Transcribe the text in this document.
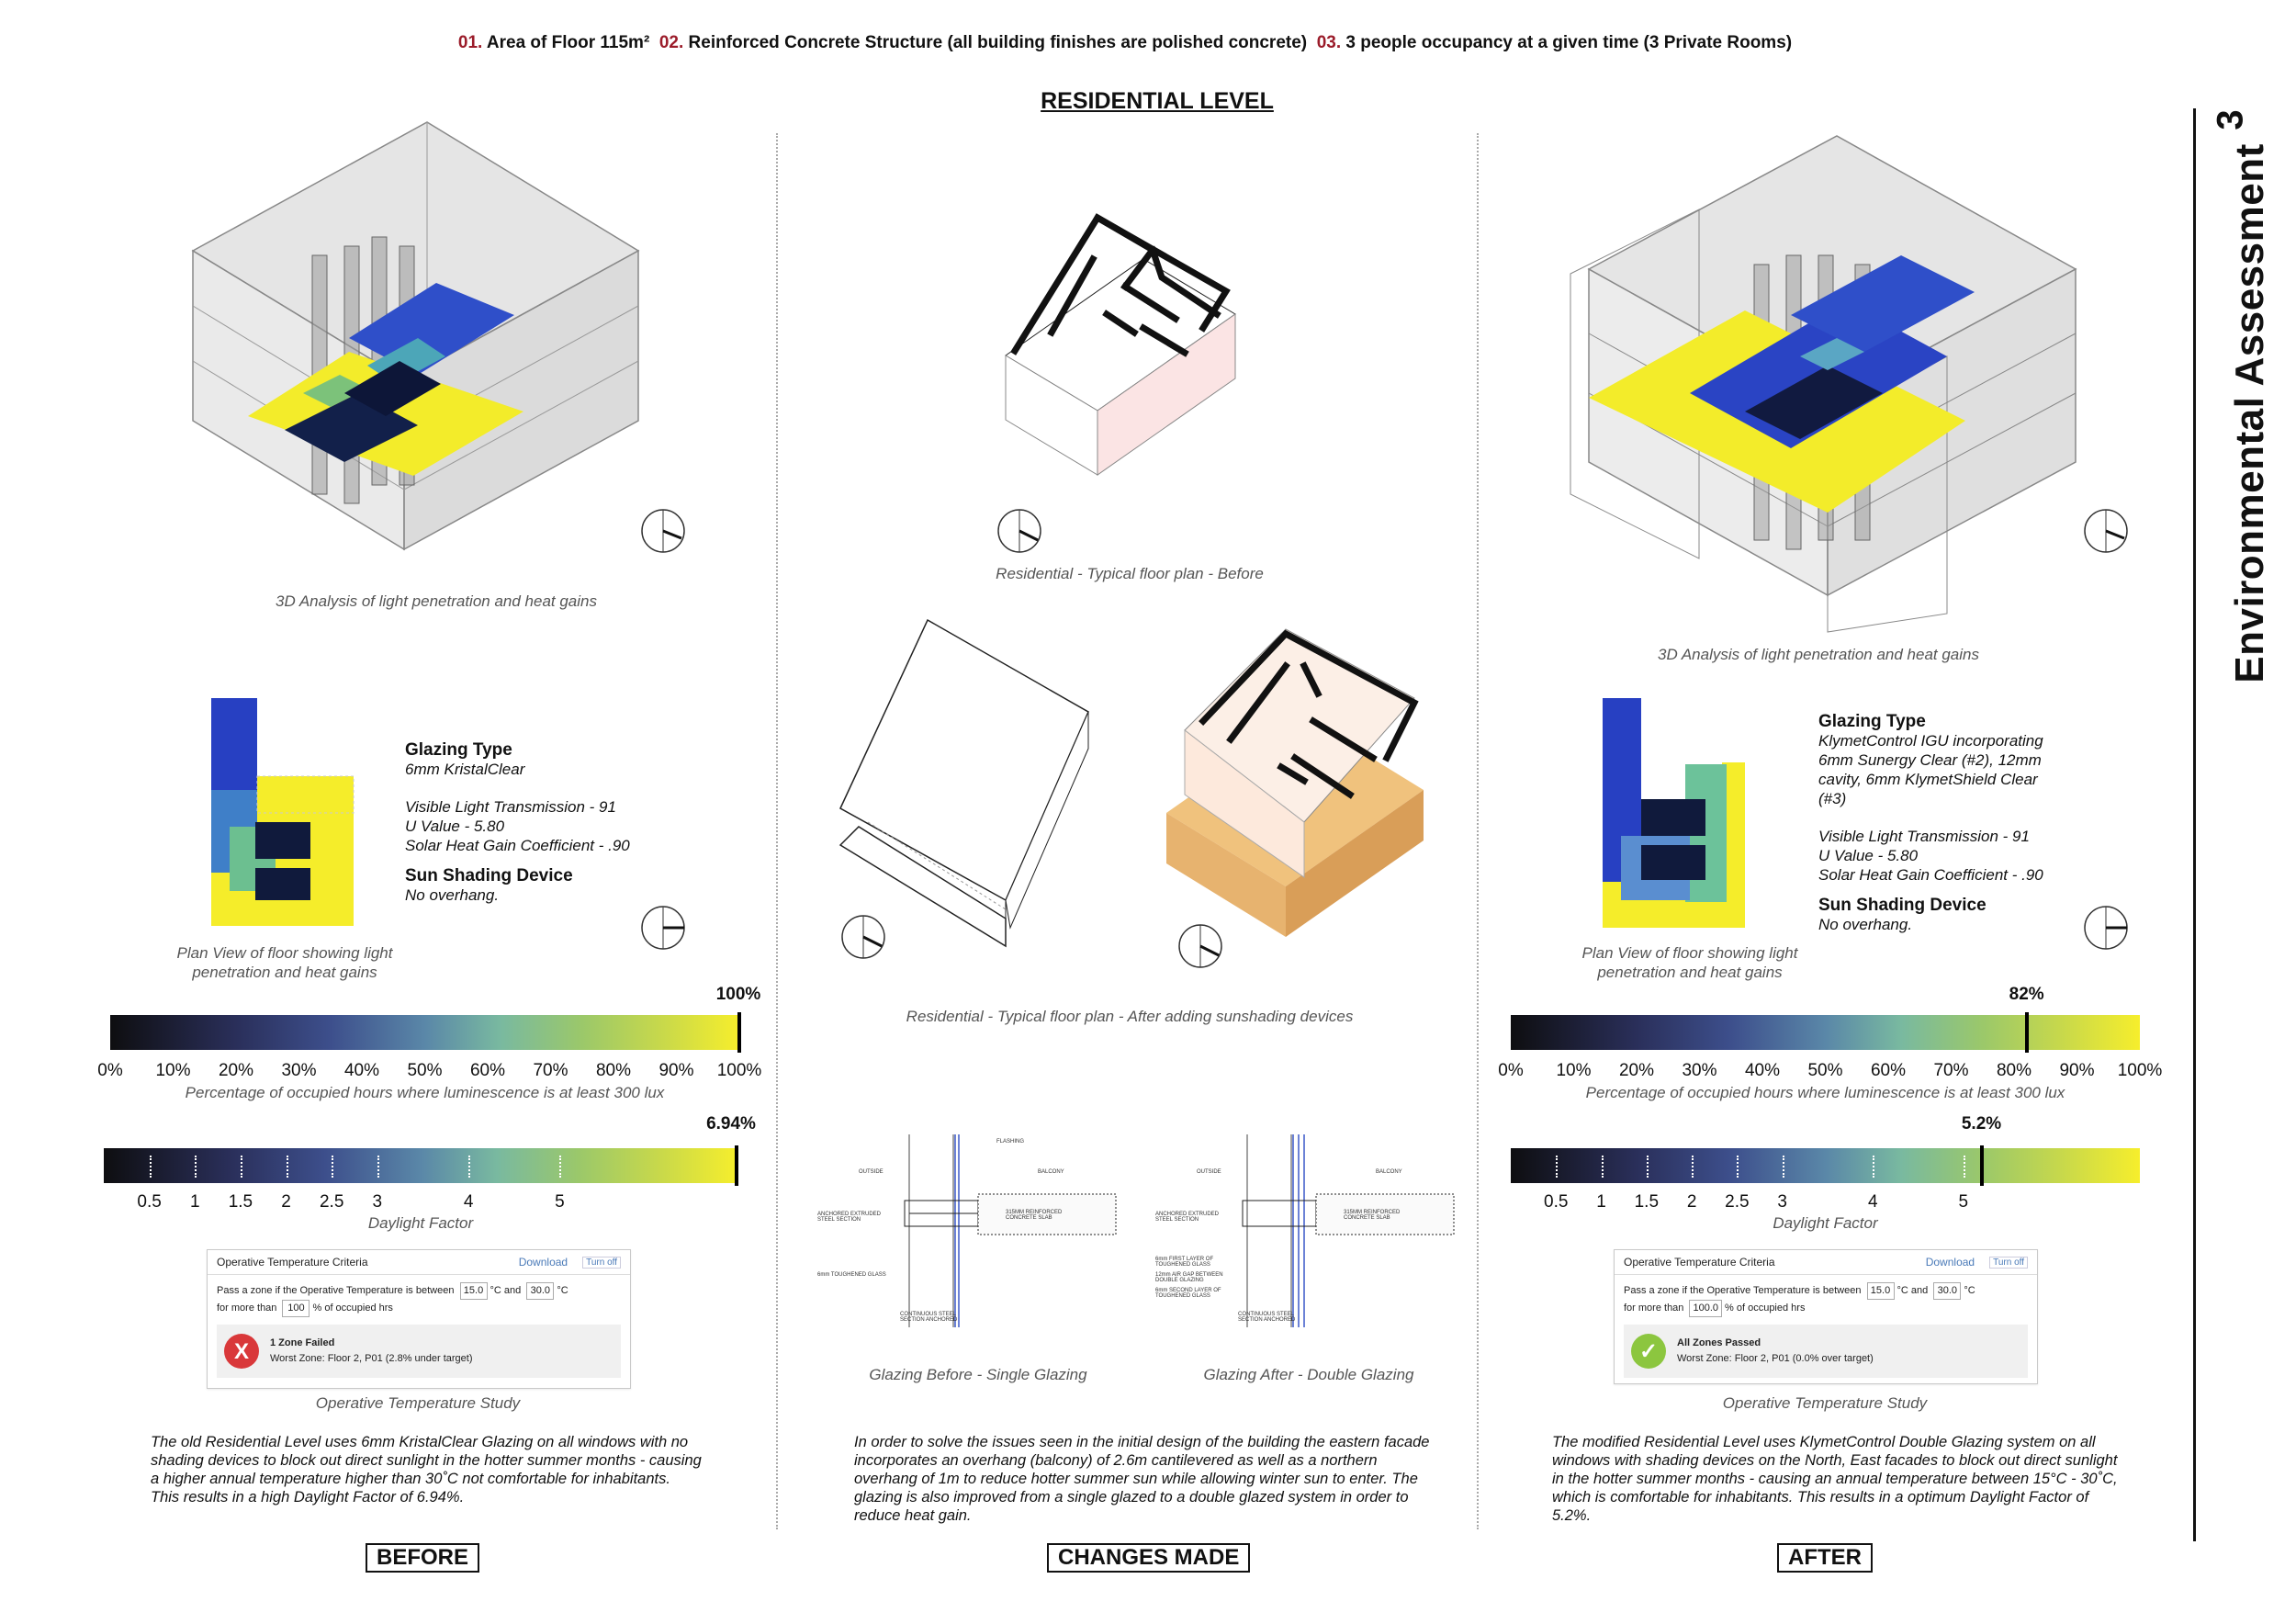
01. Area of Floor 115m² 02. Reinforced Concrete Structure (all building finishes are polished concrete) 03. 3 people occupancy at a given time (3 Private Rooms)
RESIDENTIAL LEVEL
Environmental Assessment
3
3D Analysis of light penetration and heat gains
Glazing Type
6mm KristalClear
Visible Light Transmission - 91
U Value - 5.80
Solar Heat Gain Coefficient - .90
Sun Shading Device
No overhang.
Plan View of floor showing light
penetration and heat gains
100%
0% 10% 20% 30% 40% 50% 60% 70% 80% 90% 100%
Percentage of occupied hours where luminescence is at least 300 lux
6.94%
0.5 1 1.5 2 2.5 3	4	5
Daylight Factor
Operative Temperature Criteria	Download	Turn off
Pass a zone if the Operative Temperature is between 15.0 °C and 30.0 °C
for more than 100 % of occupied hrs
X	1 Zone Failed
Worst Zone: Floor 2, P01 (2.8% under target)
Operative Temperature Study
The old Residential Level uses 6mm KristalClear Glazing on all windows with no shading devices to block out direct sunlight in the hotter summer months - causing a higher annual temperature higher than 30˚C not comfortable for inhabitants. This results in a high Daylight Factor of 6.94%.
BEFORE
Residential - Typical floor plan - Before
Residential - Typical floor plan - After adding sunshading devices
OUTSIDE	BALCONY
FLASHING
315MM REINFORCED CONCRETE SLAB
ANCHORED EXTRUDED STEEL SECTION
6mm TOUGHENED GLASS
CONTINUOUS STEEL SECTION ANCHORED
OUTSIDE	BALCONY
315MM REINFORCED CONCRETE SLAB
ANCHORED EXTRUDED STEEL SECTION
6mm FIRST LAYER OF TOUGHENED GLASS
12mm AIR GAP BETWEEN DOUBLE GLAZING
6mm SECOND LAYER OF TOUGHENED GLASS
CONTINUOUS STEEL SECTION ANCHORED
Glazing Before - Single Glazing	Glazing After - Double Glazing
In order to solve the issues seen in the initial design of the building the eastern facade incorporates an overhang (balcony) of 2.6m cantilevered as well as a northern overhang of 1m to reduce hotter summer sun while allowing winter sun to enter. The glazing is also improved from a single glazed to a double glazed system in order to reduce heat gain.
CHANGES MADE
3D Analysis of light penetration and heat gains
Glazing Type
KlymetControl IGU incorporating
6mm Sunergy Clear (#2), 12mm
cavity, 6mm KlymetShield Clear
(#3)
Visible Light Transmission - 91
U Value - 5.80
Solar Heat Gain Coefficient - .90
Sun Shading Device
No overhang.
Plan View of floor showing light
penetration and heat gains
82%
0% 10% 20% 30% 40% 50% 60% 70% 80% 90% 100%
Percentage of occupied hours where luminescence is at least 300 lux
5.2%
0.5 1 1.5 2 2.5 3	4	5
Daylight Factor
Operative Temperature Criteria	Download	Turn off
Pass a zone if the Operative Temperature is between 15.0 °C and 30.0 °C
for more than 100.0 % of occupied hrs
✓	All Zones Passed
Worst Zone: Floor 2, P01 (0.0% over target)
Operative Temperature Study
The modified Residential Level uses KlymetControl Double Glazing system on all windows with shading devices on the North, East facades to block out direct sunlight in the hotter summer months - causing an annual temperature between 15°C - 30˚C, which is comfortable for inhabitants. This results in a optimum Daylight Factor of 5.2%.
AFTER
